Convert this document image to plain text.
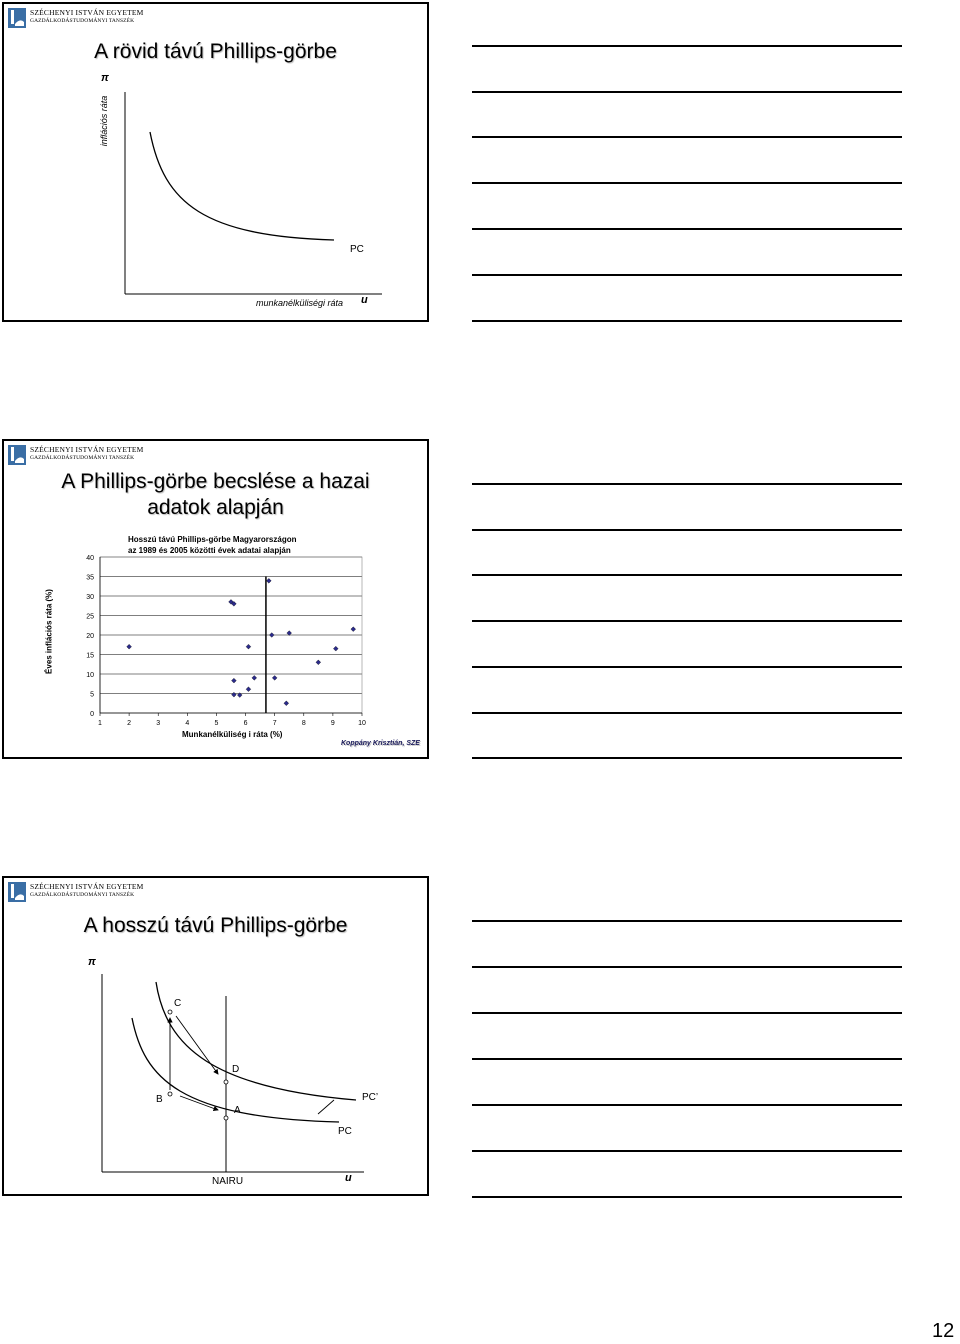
SZÉCHENYI ISTVÁN EGYETEM
GAZDÁLKODÁSTUDOMÁNYI TANSZÉK
A rövid távú Phillips-görbe
π
inflációs ráta
PC
munkanélküliségi ráta u
SZÉCHENYI ISTVÁN EGYETEM
GAZDÁLKODÁSTUDOMÁNYI TANSZÉK
A Phillips-görbe becslése a hazai
adatok alapján
Hosszú távú Phillips-görbe Magyarországon
az 1989 és 2005 közötti évek adatai alapján
0
5
10
15
20
25
30
35
40
1	2	3	4	5	6	7	8	9	10
Éves inflációs ráta (%)
Munkanélküliség i ráta (%)
Koppány Krisztián, SZE
SZÉCHENYI ISTVÁN EGYETEM
GAZDÁLKODÁSTUDOMÁNYI TANSZÉK
A hosszú távú Phillips-görbe
π
C
D
B
A
PC’
PC
NAIRU	u
12
